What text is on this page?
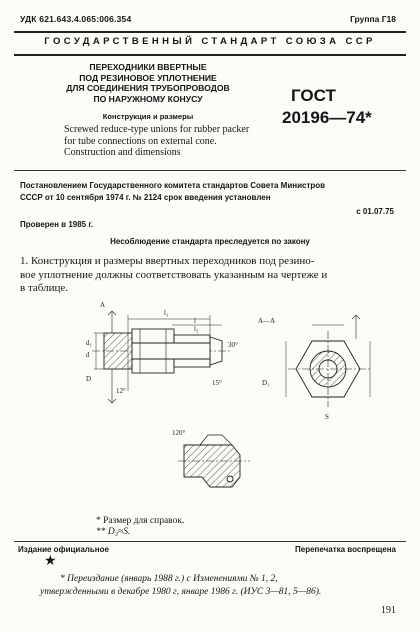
УДК 621.643.4.065:006.354	Группа Г18
ГОСУДАРСТВЕННЫЙ СТАНДАРТ СОЮЗА ССР
ПЕРЕХОДНИКИ ВВЕРТНЫЕ
ПОД РЕЗИНОВОЕ УПЛОТНЕНИЕ
ДЛЯ СОЕДИНЕНИЯ ТРУБОПРОВОДОВ
ПО НАРУЖНОМУ КОНУСУ
Конструкция и размеры
Screwed reduce-type unions for rubber packer
for tube connections on external cone.
Construction and dimensions
ГОСТ
20196—74*
Постановлением Государственного комитета стандартов Совета Министров
СССР от 10 сентября 1974 г. № 2124 срок введения установлен
с 01.07.75
Проверен в 1985 г.
Несоблюдение стандарта преследуется по закону
1. Конструкция и размеры ввертных переходников под резино-
вое уплотнение должны соответствовать указанным на чертеже и
в таблице.
А—А
А
l₁
l
l₂
d₁
d
D	D₁
S
30°
12°
15°
120°
* Размер для справок.
** D₃≈S.
Издание официальное	Перепечатка воспрещена
★
* Переиздание (январь 1988 г.) с Изменениями № 1, 2,
утвержденными в декабре 1980 г, январе 1986 г. (ИУС 3—81, 5—86).
191
